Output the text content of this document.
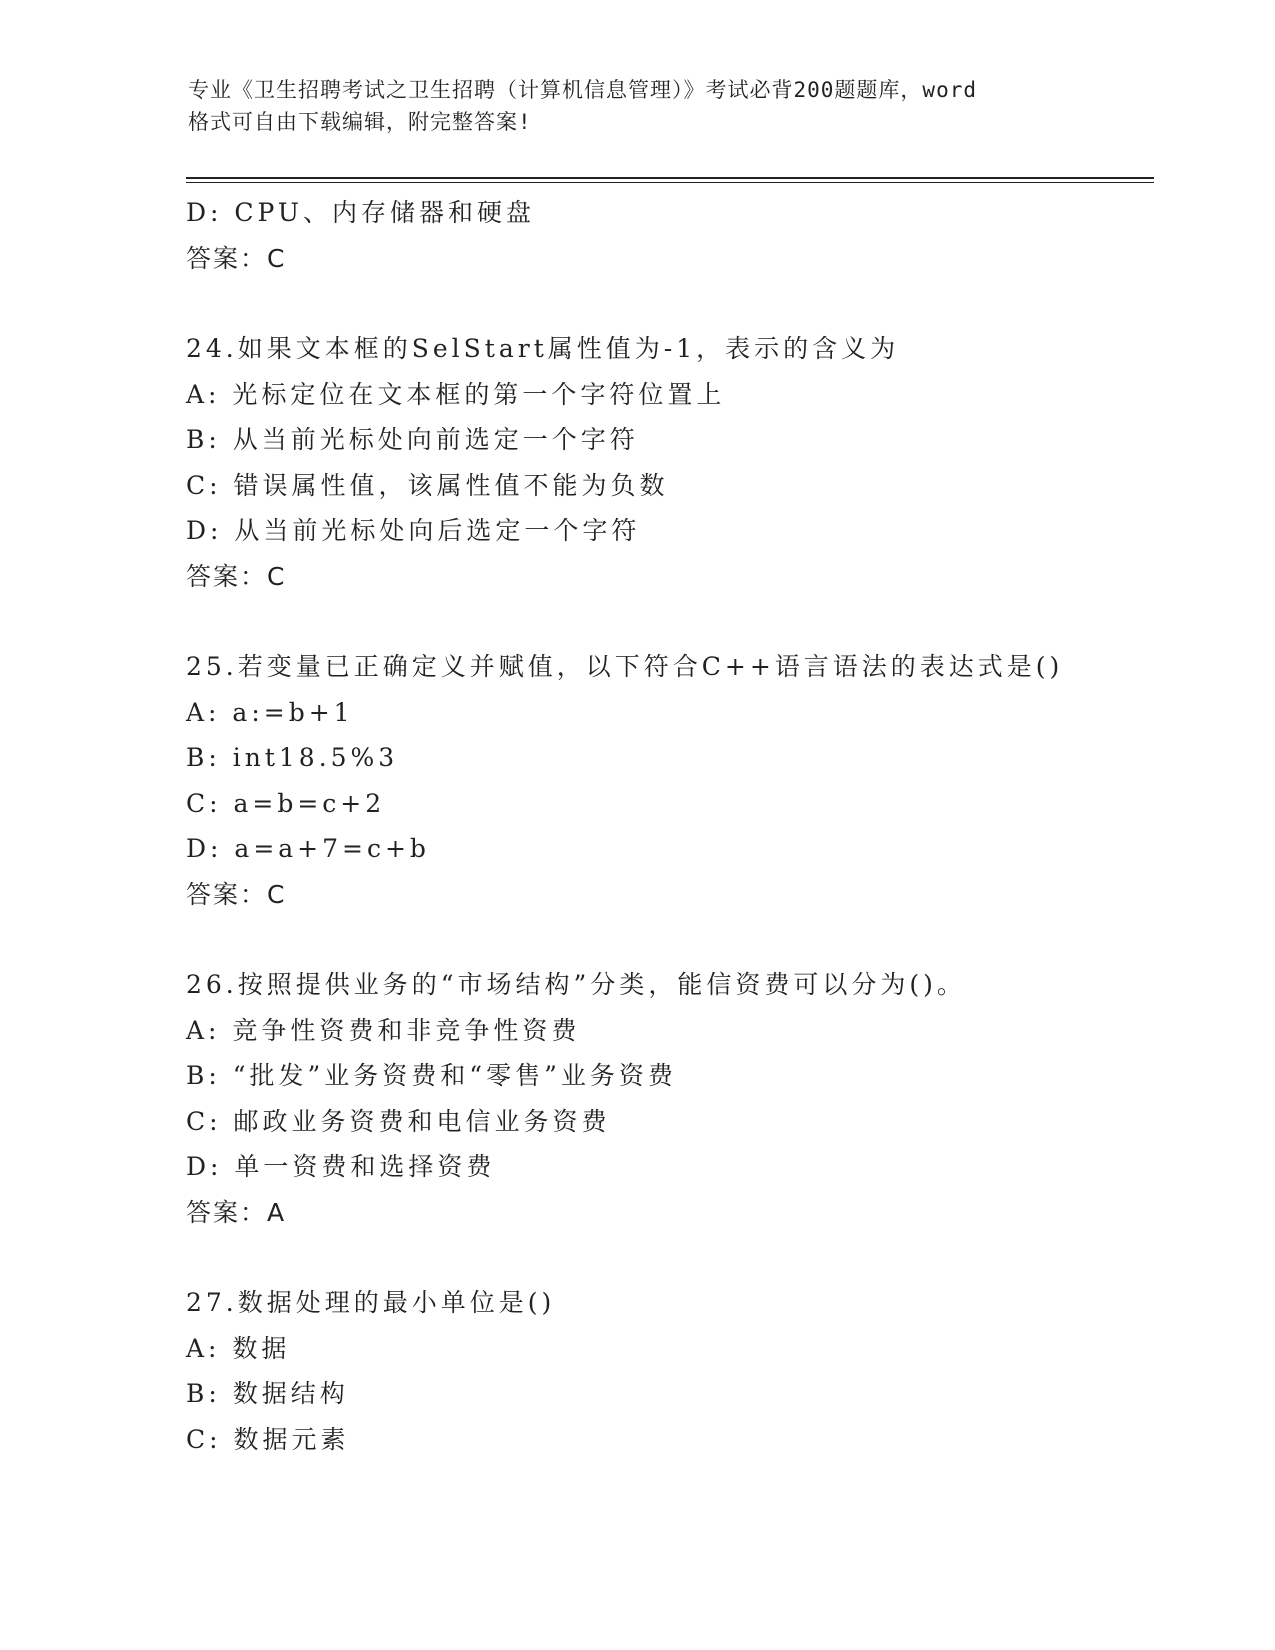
专业《卫生招聘考试之卫生招聘（计算机信息管理）》考试必背200题题库，word
格式可自由下载编辑，附完整答案!
D: CPU、内存储器和硬盘
答案：C
24.如果文本框的SelStart属性值为-1，表示的含义为
A: 光标定位在文本框的第一个字符位置上
B: 从当前光标处向前选定一个字符
C: 错误属性值，该属性值不能为负数
D: 从当前光标处向后选定一个字符
答案：C
25.若变量已正确定义并赋值，以下符合C++语言语法的表达式是()
A: a:=b+1
B: int18.5%3
C: a=b=c+2
D: a=a+7=c+b
答案：C
26.按照提供业务的“市场结构”分类，能信资费可以分为()。
A: 竞争性资费和非竞争性资费
B: “批发”业务资费和“零售”业务资费
C: 邮政业务资费和电信业务资费
D: 单一资费和选择资费
答案：A
27.数据处理的最小单位是()
A: 数据
B: 数据结构
C: 数据元素
